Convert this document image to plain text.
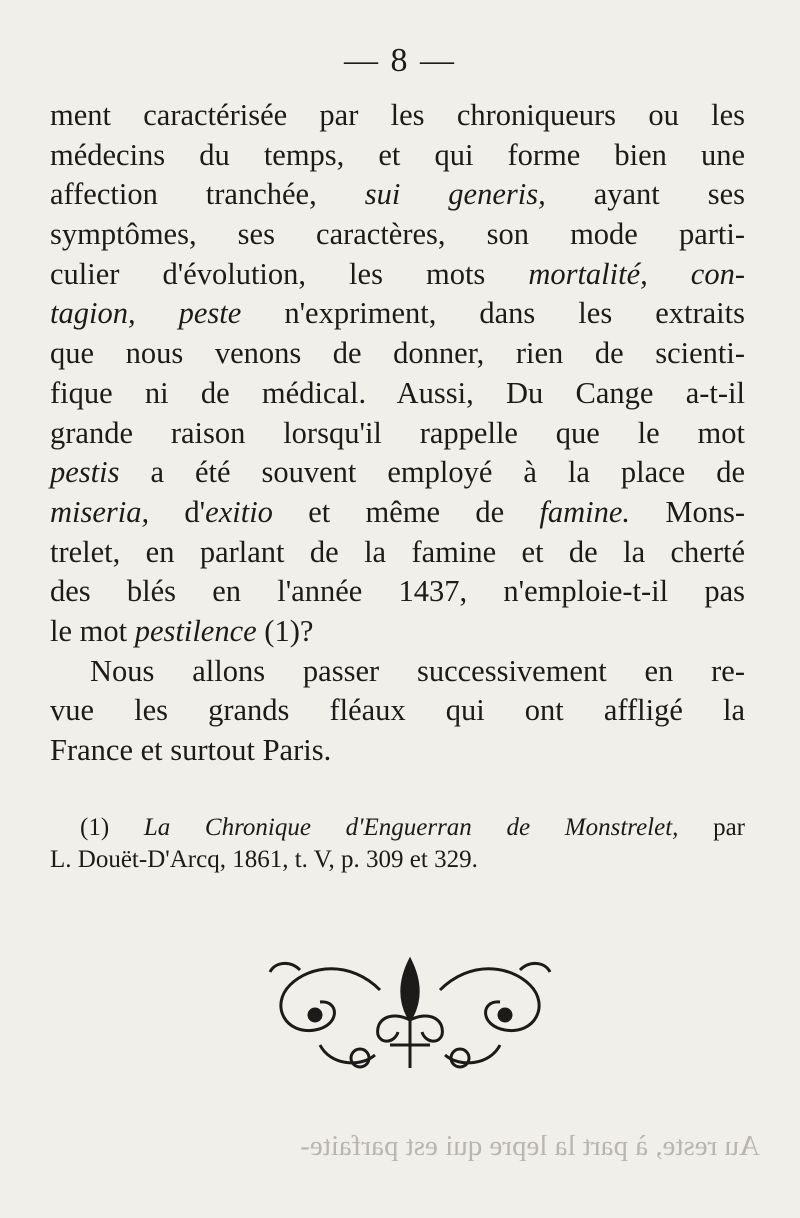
— 8 —
ment caractérisée par les chroniqueurs ou les
médecins du temps, et qui forme bien une
affection tranchée, sui generis, ayant ses
symptômes, ses caractères, son mode parti-
culier d'évolution, les mots mortalité, con-
tagion, peste n'expriment, dans les extraits
que nous venons de donner, rien de scienti-
fique ni de médical. Aussi, Du Cange a-t-il
grande raison lorsqu'il rappelle que le mot
pestis a été souvent employé à la place de
miseria, d'exitio et même de famine. Mons-
trelet, en parlant de la famine et de la cherté
des blés en l'année 1437, n'emploie-t-il pas
le mot pestilence (1)?
Nous allons passer successivement en re-
vue les grands fléaux qui ont affligé la
France et surtout Paris.
(1) La Chronique d'Enguerran de Monstrelet, par
L. Douët-D'Arcq, 1861, t. V, p. 309 et 329.
Au reste, à part la lepre qui est parfaite-
